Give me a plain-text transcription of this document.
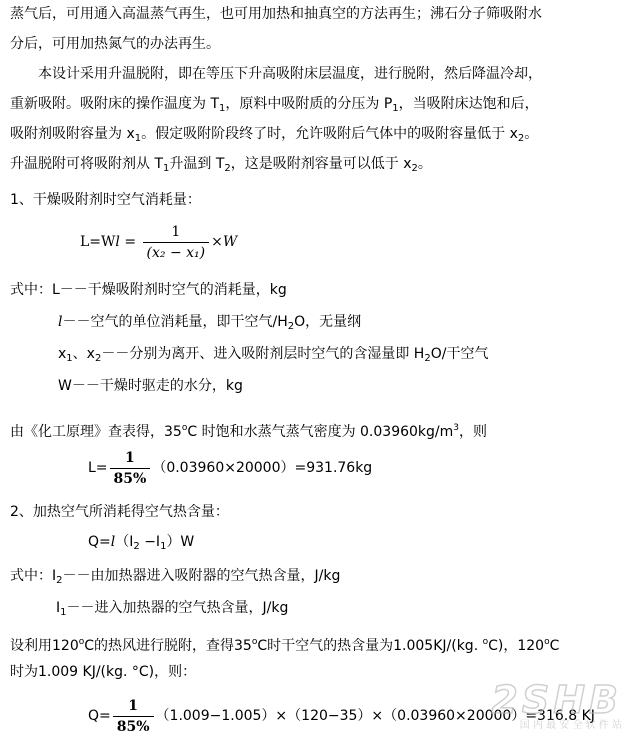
蒸气后，可用通入高温蒸气再生，也可用加热和抽真空的方法再生；沸石分子筛吸附水
分后，可用加热氮气的办法再生。
本设计采用升温脱附，即在等压下升高吸附床层温度，进行脱附，然后降温冷却，
重新吸附。吸附床的操作温度为 $T_1$，原料中吸附质的分压为 $P_1$，当吸附床达饱和后，
吸附剂吸附容量为 $x_1$。假定吸附阶段终了时，允许吸附后气体中的吸附容量低于 $x_2$。
升温脱附可将吸附剂从 $T_1$升温到 $T_2$，这是吸附剂容量可以低于 $x_2$。
1、干燥吸附剂时空气消耗量：
$L=Wl = \frac{1}{\text{(x₂ − x₁)}} \times W$
式中：L－－干燥吸附剂时空气的消耗量，kg
l－－空气的单位消耗量，即干空气$/H_2O$，无量纲
$x_1$、$x_2--$分别为离开、进入吸附剂层时空气的含湿量即 $H_2O/$干空气
W－－干燥时驱走的水分，kg
由《化工原理》查表得，35$^o$C 时饱和水蒸气蒸气密度为 $0.03960kg/m^3$，则
$L= \frac{1}{85\%} (0.03960\times 20000)=931.76kg$
2、加热空气所消耗得空气热含量：
$Q=l(I_2 -I_1)W$
式中：$I_2--$由加热器进入吸附器的空气热含量，J/kg
$I_1--$进入加热器的空气热含量，J/kg
设利用120$^o$C的热风进行脱附，查得35$^o$C时干空气的热含量为1.005KJ/(kg. $^o$C)，120$^o$C
时为1.009 KJ/(kg. °C)，则：
$Q= \frac{1}{85\%} (1.009-1.005)\times(120-35)\times(0.03960\times 20000)=316.8$ KJ
2SHB
国 内 最 安 全 软 件 站
